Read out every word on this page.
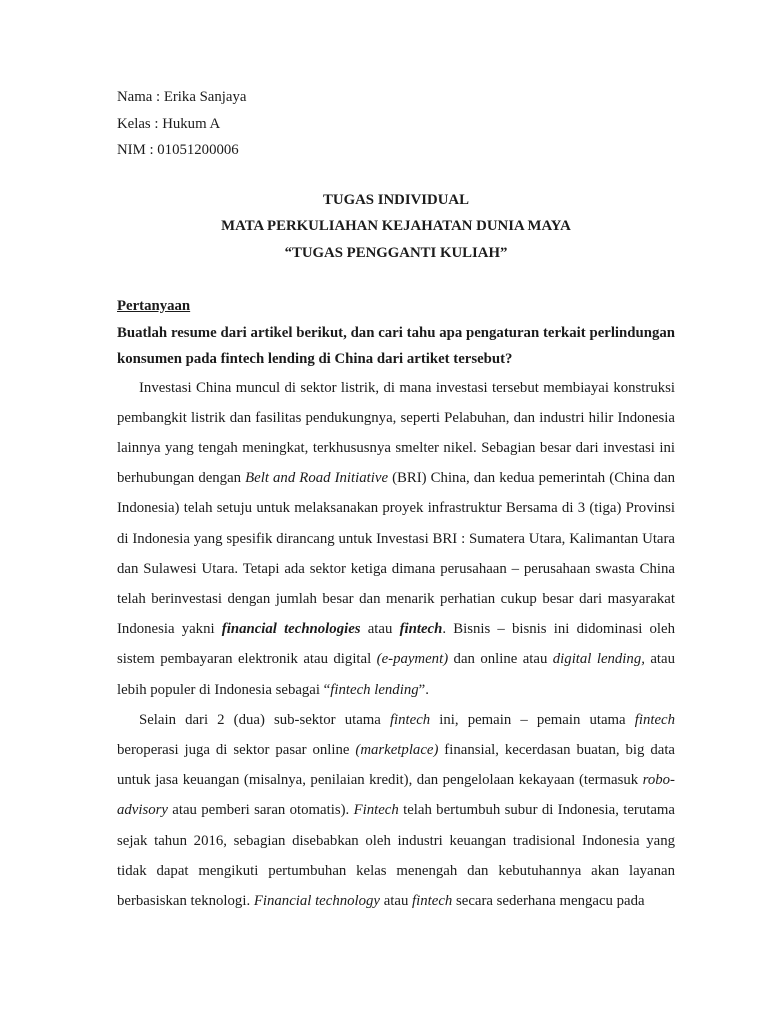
Nama : Erika Sanjaya
Kelas : Hukum A
NIM : 01051200006
TUGAS INDIVIDUAL
MATA PERKULIAHAN KEJAHATAN DUNIA MAYA
“TUGAS PENGGANTI KULIAH”
Pertanyaan
Buatlah resume dari artikel berikut, dan cari tahu apa pengaturan terkait perlindungan konsumen pada fintech lending di China dari artiket tersebut?

Investasi China muncul di sektor listrik, di mana investasi tersebut membiayai konstruksi pembangkit listrik dan fasilitas pendukungnya, seperti Pelabuhan, dan industri hilir Indonesia lainnya yang tengah meningkat, terkhususnya smelter nikel. Sebagian besar dari investasi ini berhubungan dengan Belt and Road Initiative (BRI) China, dan kedua pemerintah (China dan Indonesia) telah setuju untuk melaksanakan proyek infrastruktur Bersama di 3 (tiga) Provinsi di Indonesia yang spesifik dirancang untuk Investasi BRI : Sumatera Utara, Kalimantan Utara dan Sulawesi Utara. Tetapi ada sektor ketiga dimana perusahaan – perusahaan swasta China telah berinvestasi dengan jumlah besar dan menarik perhatian cukup besar dari masyarakat Indonesia yakni financial technologies atau fintech. Bisnis – bisnis ini didominasi oleh sistem pembayaran elektronik atau digital (e-payment) dan online atau digital lending, atau lebih populer di Indonesia sebagai “fintech lending”.

Selain dari 2 (dua) sub-sektor utama fintech ini, pemain – pemain utama fintech beroperasi juga di sektor pasar online (marketplace) finansial, kecerdasan buatan, big data untuk jasa keuangan (misalnya, penilaian kredit), dan pengelolaan kekayaan (termasuk robo-advisory atau pemberi saran otomatis). Fintech telah bertumbuh subur di Indonesia, terutama sejak tahun 2016, sebagian disebabkan oleh industri keuangan tradisional Indonesia yang tidak dapat mengikuti pertumbuhan kelas menengah dan kebutuhannya akan layanan berbasiskan teknologi. Financial technology atau fintech secara sederhana mengacu pada
